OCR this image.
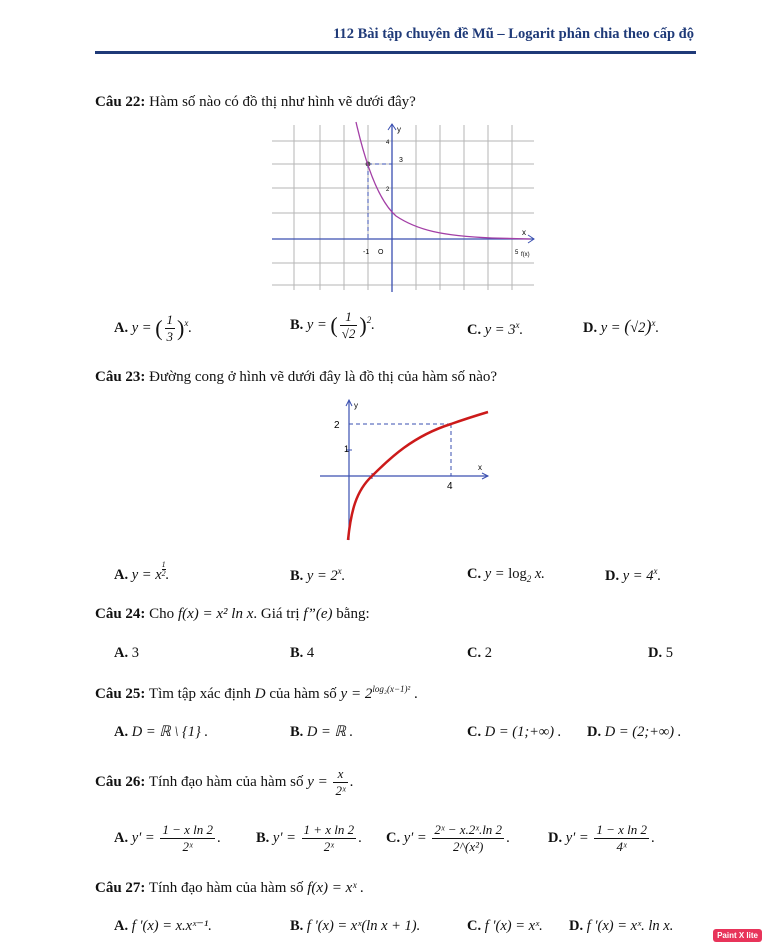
112 Bài tập chuyên đề Mũ – Logarit phân chia theo cấp độ
Câu 22: Hàm số nào có đồ thị như hình vẽ dưới đây?
y
4
3
2
x
-1 O	5 f(x)
A. y = ( $\frac{1}{3} )^x$.	B. y = ( $\frac{1}{√2} )^2$.	C. $y = 3^x$.	D. $y = (√2)^x$.
Câu 23: Đường cong ở hình vẽ dưới đây là đồ thị của hàm số nào?
y
2
1
x
4
A. y = x $^{\frac{1}{2}}$ .	B. $y = 2^x$.	C. $y = \log_2 x$.	D. $y = 4^x$.
Câu 24: Cho f(x) = x² ln x. Giá trị f”(e) bằng:
A. 3	B. 4	C. 2	D. 5
Câu 25: Tìm tập xác định D của hàm số $y = 2^{log_2(x-1)^2}$ .
A. D = ℝ \ {1} .	B. D = ℝ .	C. D = (1;+∞) . D. D = (2;+∞) .
Câu 26: Tính đạo hàm của hàm số $y = \frac{x}{\text{2ˣ}}$ .
A. $y' = \frac{\text{1 − x ln 2}}{\text{2ˣ}}$ . B. $y' = \frac{\text{1 + x ln 2}}{\text{2ˣ}}$ . C. $y' = \frac{\text{2ˣ − x.2ˣ.ln 2}}{\text{2\textasciicircum{}(x²)}}$ .	D. $y' = \frac{\text{1 − x ln 2}}{\text{4ˣ}}$ .
Câu 27: Tính đạo hàm của hàm số f(x) = xˣ .
A. f '(x) = x.xˣ⁻¹.	B. f '(x) = xˣ(ln x + 1).	C. f '(x) = xˣ. D. f '(x) = xˣ. ln x.
Paint X lite
